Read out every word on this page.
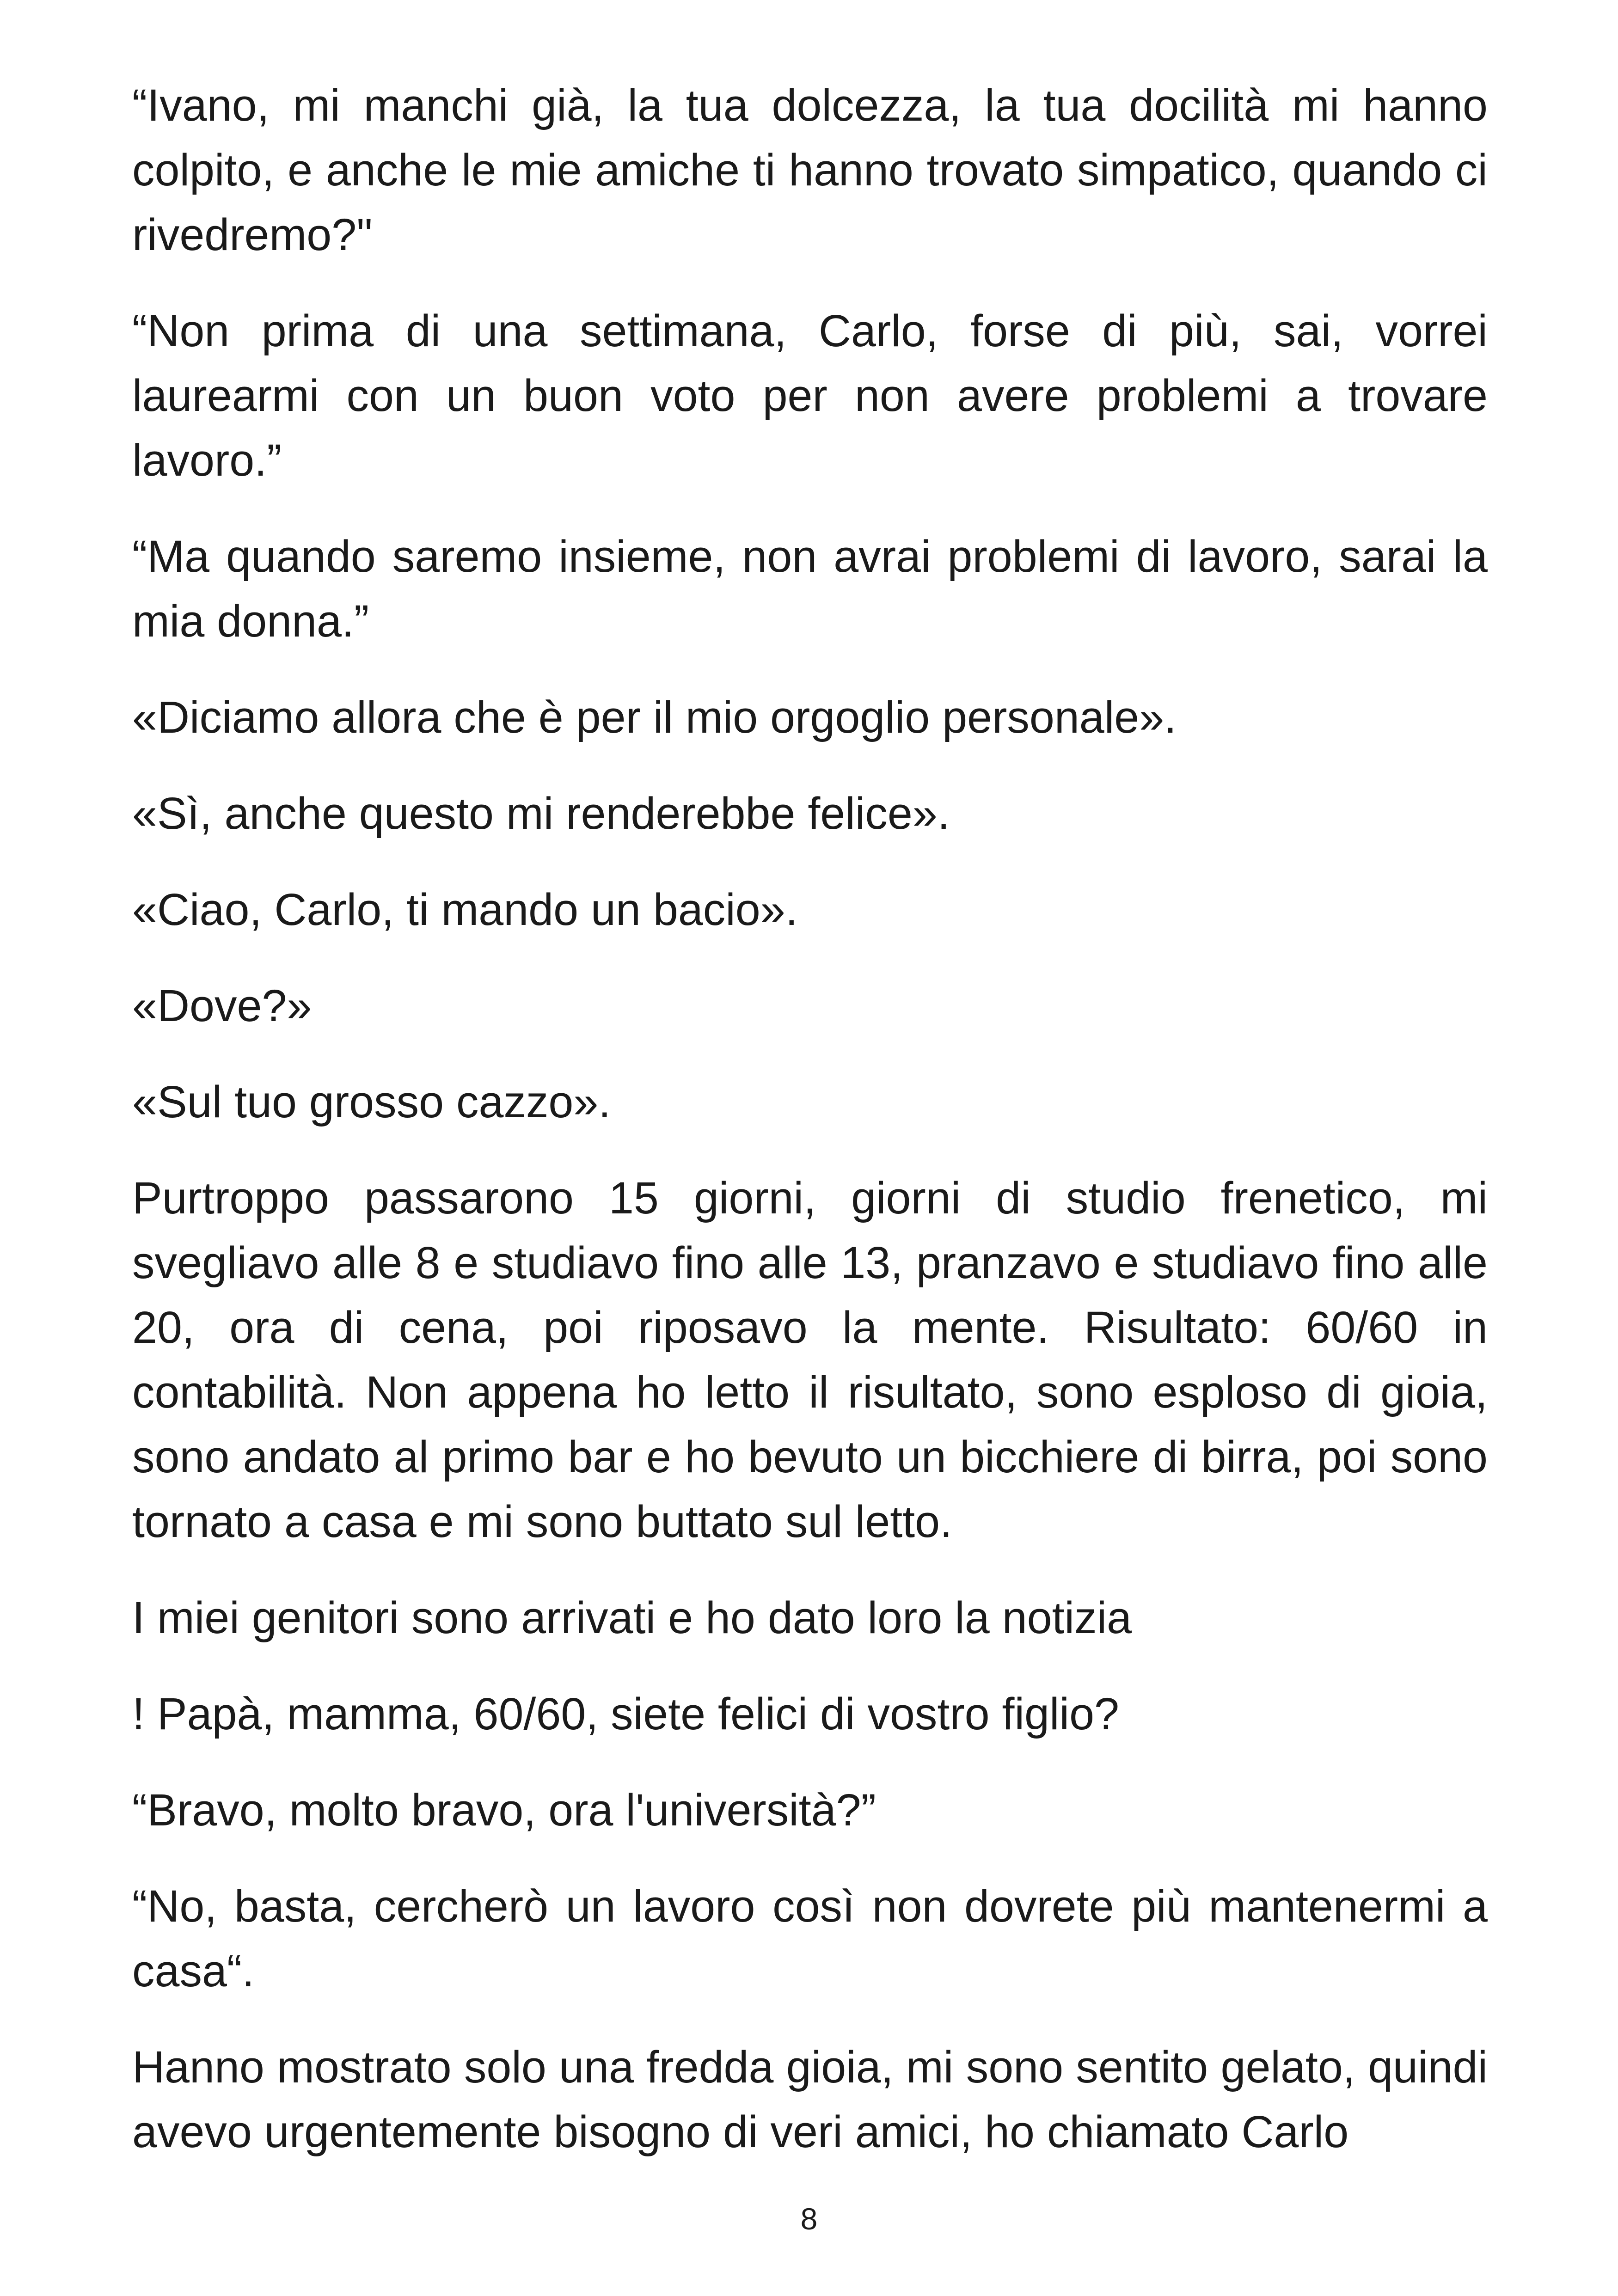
“Ivano, mi manchi già, la tua dolcezza, la tua docilità mi hanno colpito, e anche le mie amiche ti hanno trovato simpatico, quando ci rivedremo?"

“Non prima di una settimana, Carlo, forse di più, sai, vorrei laurearmi con un buon voto per non avere problemi a trovare lavoro.”

“Ma quando saremo insieme, non avrai problemi di lavoro, sarai la mia donna.”

«Diciamo allora che è per il mio orgoglio personale».

«Sì, anche questo mi renderebbe felice».

«Ciao, Carlo, ti mando un bacio».

«Dove?»

«Sul tuo grosso cazzo».

Purtroppo passarono 15 giorni, giorni di studio frenetico, mi svegliavo alle 8 e studiavo fino alle 13, pranzavo e studiavo fino alle 20, ora di cena, poi riposavo la mente. Risultato: 60/60 in contabilità. Non appena ho letto il risultato, sono esploso di gioia, sono andato al primo bar e ho bevuto un bicchiere di birra, poi sono tornato a casa e mi sono buttato sul letto.

I miei genitori sono arrivati e ho dato loro la notizia

! Papà, mamma, 60/60, siete felici di vostro figlio?

“Bravo, molto bravo, ora l'università?”

“No, basta, cercherò un lavoro così non dovrete più mantenermi a casa“.

Hanno mostrato solo una fredda gioia, mi sono sentito gelato, quindi avevo urgentemente bisogno di veri amici, ho chiamato Carlo

8
